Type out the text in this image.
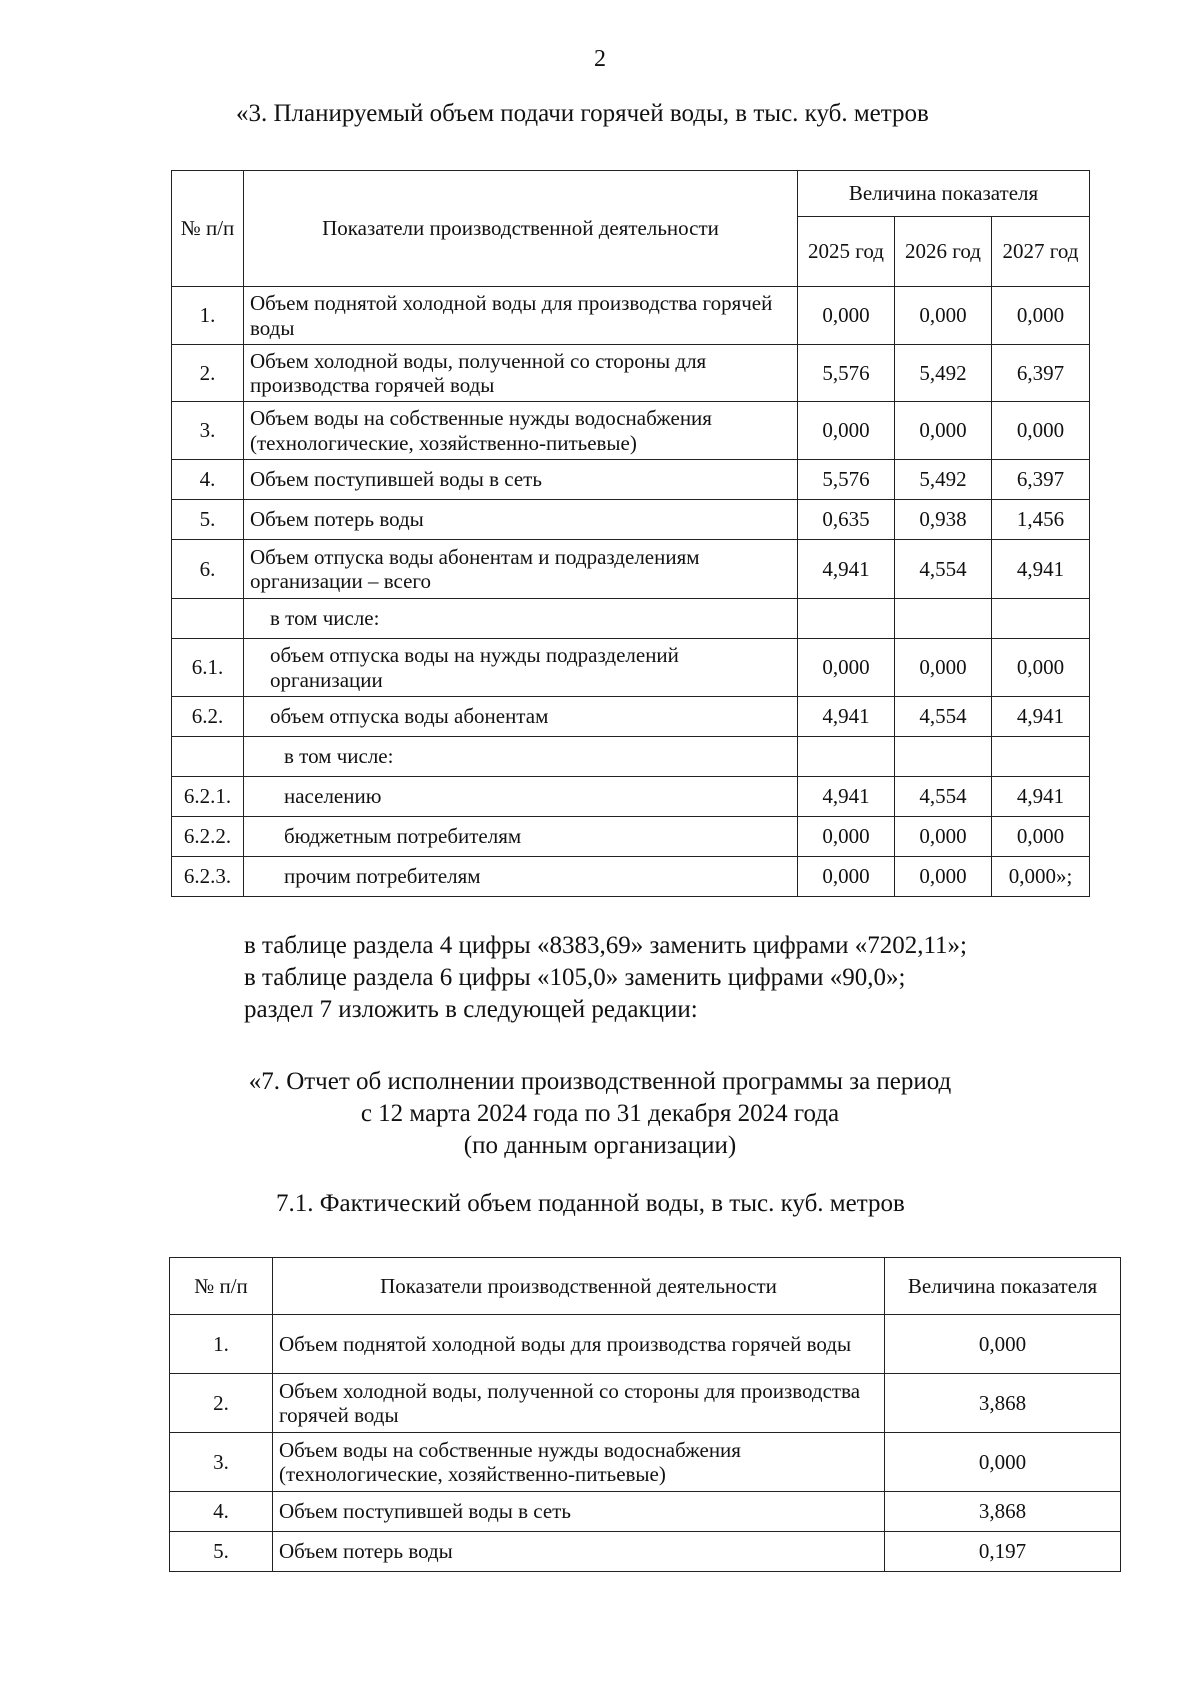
2
«3. Планируемый объем подачи горячей воды, в тыс. куб. метров
№ п/п	Показатели производственной деятельности	Величина показателя		
		2025 год	2026 год	2027 год
1.	Объем поднятой холодной воды для производства горячей воды	0,000	0,000	0,000
2.	Объем холодной воды, полученной со стороны для производства горячей воды	5,576	5,492	6,397
3.	Объем воды на собственные нужды водоснабжения (технологические, хозяйственно-питьевые)	0,000	0,000	0,000
4.	Объем поступившей воды в сеть	5,576	5,492	6,397
5.	Объем потерь воды	0,635	0,938	1,456
6.	Объем отпуска воды абонентам и подразделениям организации – всего	4,941	4,554	4,941
	в том числе:			
6.1.	объем отпуска воды на нужды подразделений организации	0,000	0,000	0,000
6.2.	объем отпуска воды абонентам	4,941	4,554	4,941
	в том числе:			
6.2.1.	населению	4,941	4,554	4,941
6.2.2.	бюджетным потребителям	0,000	0,000	0,000
6.2.3.	прочим потребителям	0,000	0,000	0,000»;
в таблице раздела 4 цифры «8383,69» заменить цифрами «7202,11»;
в таблице раздела 6 цифры «105,0» заменить цифрами «90,0»;
раздел 7 изложить в следующей редакции:
«7. Отчет об исполнении производственной программы за период
с 12 марта 2024 года по 31 декабря 2024 года
(по данным организации)
7.1. Фактический объем поданной воды, в тыс. куб. метров
№ п/п	Показатели производственной деятельности	Величина показателя
1.	Объем поднятой холодной воды для производства горячей воды	0,000
2.	Объем холодной воды, полученной со стороны для производства горячей воды	3,868
3.	Объем воды на собственные нужды водоснабжения (технологические, хозяйственно-питьевые)	0,000
4.	Объем поступившей воды в сеть	3,868
5.	Объем потерь воды	0,197
